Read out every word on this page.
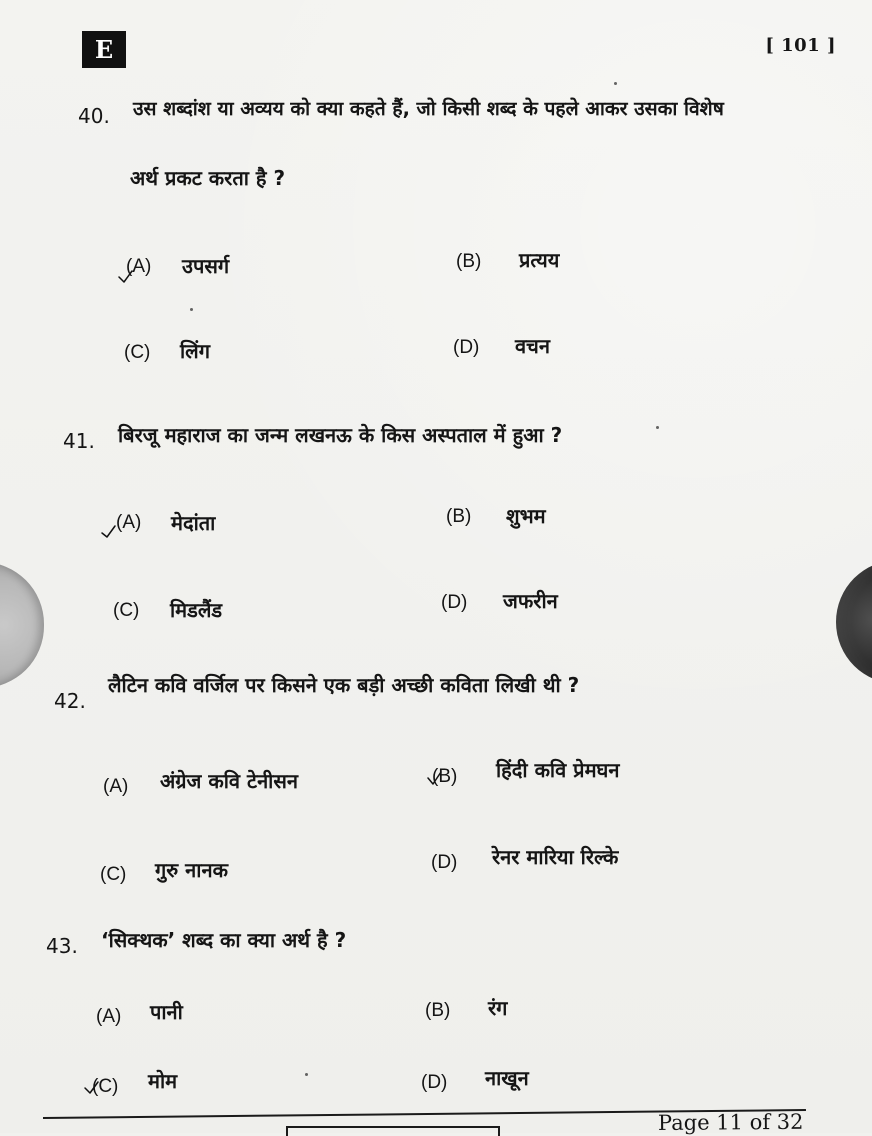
E	[ 101 ]
40. उस शब्दांश या अव्यय को क्या कहते हैं, जो किसी शब्द के पहले आकर उसका विशेष
अर्थ प्रकट करता है ?
(A) उपसर्ग	(B) प्रत्यय
(C) लिंग	(D) वचन
41. बिरजू महाराज का जन्म लखनऊ के किस अस्पताल में हुआ ?
(A) मेदांता	(B) शुभम
(C) मिडलैंड	(D) जफरीन
42.
लैटिन कवि वर्जिल पर किसने एक बड़ी अच्छी कविता लिखी थी ?
(A) अंग्रेज कवि टेनीसन	(B) हिंदी कवि प्रेमघन
(C) गुरु नानक	(D) रेनर मारिया रिल्के
43. ‘सिक्थक’ शब्द का क्या अर्थ है ?
(A) पानी	(B) रंग
(C) मोम	(D) नाखून
Page 11 of 32
